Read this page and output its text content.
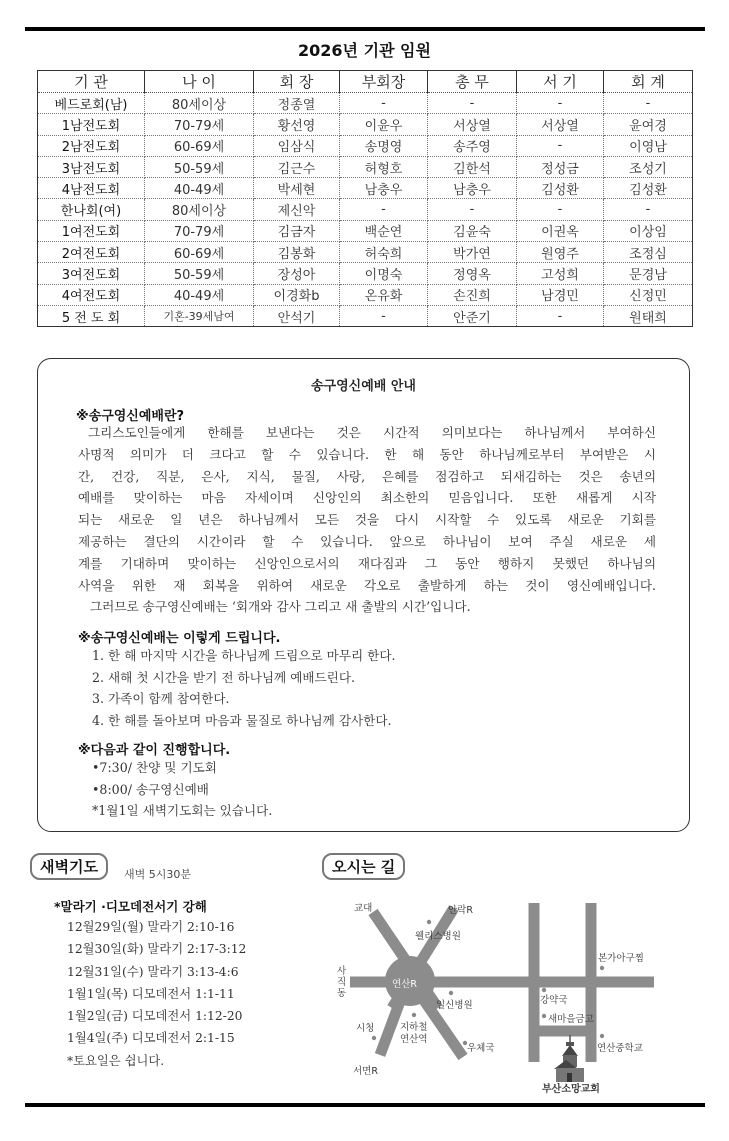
2026년 기관 임원
기 관	나 이	회 장	부회장	총 무	서 기	회 계
베드로회(남)	80세이상	정종열	-	-	-	-
1남전도회	70-79세	황선영	이윤우	서상열	서상열	윤여경
2남전도회	60-69세	임삼식	송명영	송주영	-	이영남
3남전도회	50-59세	김근수	허형호	김한석	정성금	조성기
4남전도회	40-49세	박세현	남충우	남충우	김성환	김성환
한나회(여)	80세이상	제신악	-	-	-	-
1여전도회	70-79세	김금자	백순연	김윤숙	이권옥	이상임
2여전도회	60-69세	김봉화	허숙희	박가연	원영주	조정심
3여전도회	50-59세	장성아	이명숙	정영옥	고성희	문경남
4여전도회	40-49세	이경화b	온유화	손진희	남경민	신정민
5 전 도 회	기혼-39세남여	안석기	-	안준기	-	원태희
송구영신예배 안내
※송구영신예배란?
그리스도인들에게 한해를 보낸다는 것은 시간적 의미보다는 하나님께서 부여하신
사명적 의미가 더 크다고 할 수 있습니다. 한 해 동안 하나님께로부터 부여받은 시
간, 건강, 직분, 은사, 지식, 물질, 사랑, 은혜를 점검하고 되새김하는 것은 송년의
예배를 맞이하는 마음 자세이며 신앙인의 최소한의 믿음입니다. 또한 새롭게 시작
되는 새로운 일 년은 하나님께서 모든 것을 다시 시작할 수 있도록 새로운 기회를
제공하는 결단의 시간이라 할 수 있습니다. 앞으로 하나님이 보여 주실 새로운 세
계를 기대하며 맞이하는 신앙인으로서의 재다짐과 그 동안 행하지 못했던 하나님의
사역을 위한 재 회복을 위하여 새로운 각오로 출발하게 하는 것이 영신예배입니다.
그러므로 송구영신예배는 ‘회개와 감사 그리고 새 출발의 시간’입니다.
※송구영신예배는 이렇게 드립니다.
1. 한 해 마지막 시간을 하나님께 드림으로 마무리 한다.
2. 새해 첫 시간을 받기 전 하나님께 예배드린다.
3. 가족이 함께 참여한다.
4. 한 해를 돌아보며 마음과 물질로 하나님께 감사한다.
※다음과 같이 진행합니다.
•7:30/ 찬양 및 기도회
•8:00/ 송구영신예배
*1월1일 새벽기도회는 있습니다.
새벽기도	새벽 5시30분
*말라기 ·디모데전서기 강해
12월29일(월) 말라기 2:10-16
12월30일(화) 말라기 2:17-3:12
12월31일(수) 말라기 3:13-4:6
1월1일(목) 디모데전서 1:1-11
1월2일(금) 디모데전서 1:12-20
1월4일(주) 디모데전서 2:1-15
*토요일은 쉽니다.
오시는 길
교대	안락R
웰리스병원
사직동
연산R
일신병원
시청	지하철
연산역
우체국
서면R
본가아구찜
강약국
새마을금고
연산중학교
부산소망교회
